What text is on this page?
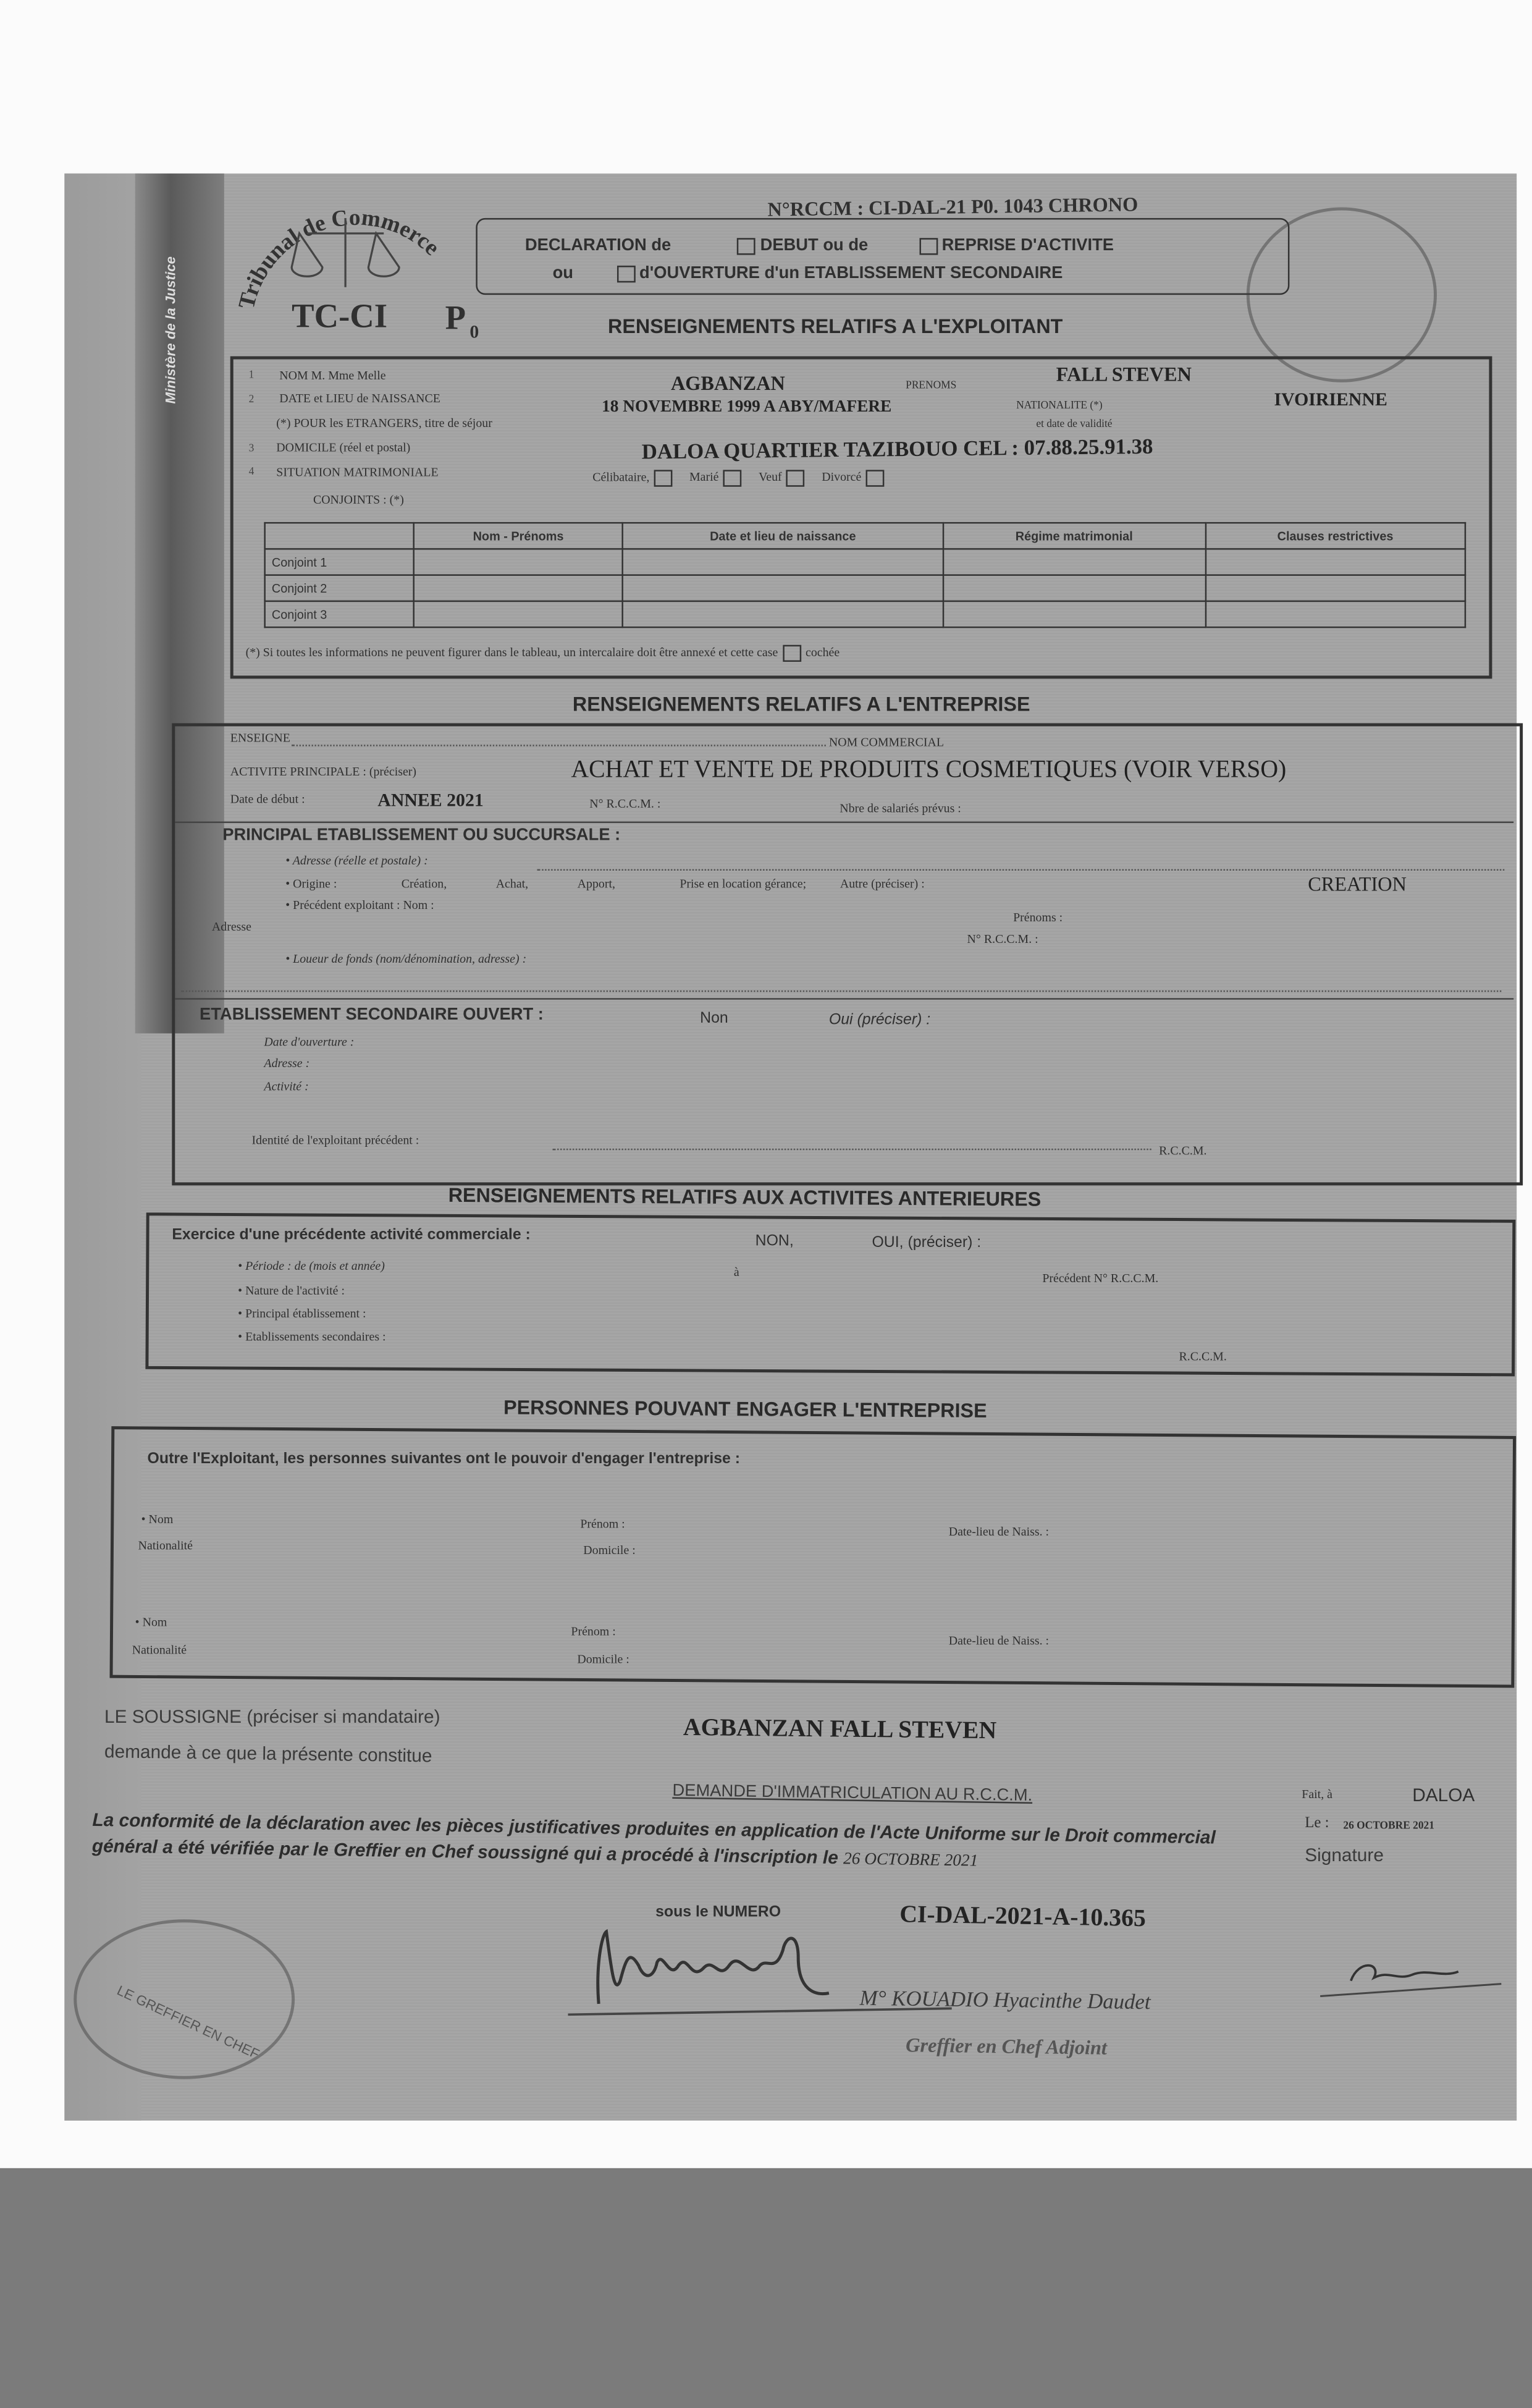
Ministère de la Justice	Tribunal de Commerce
TC-CI	P 0
N°RCCM : CI-DAL-21 P0. 1043 CHRONO
DECLARATION de	DEBUT ou de	REPRISE D'ACTIVITE
ou	d'OUVERTURE d'un ETABLISSEMENT SECONDAIRE
RENSEIGNEMENTS RELATIFS A L'EXPLOITANT
1
2
3
4
NOM M. Mme Melle	AGBANZAN	PRENOMS	FALL STEVEN
DATE et LIEU de NAISSANCE	18 NOVEMBRE 1999 A ABY/MAFERE	NATIONALITE (*)	IVOIRIENNE
(*) POUR les ETRANGERS, titre de séjour	et date de validité
DOMICILE (réel et postal)	DALOA QUARTIER TAZIBOUO CEL : 07.88.25.91.38
SITUATION MATRIMONIALE	Célibataire,	Marié	Veuf	Divorcé
CONJOINTS : (*)
	Nom - Prénoms	Date et lieu de naissance	Régime matrimonial	Clauses restrictives
Conjoint 1				
Conjoint 2				
Conjoint 3				
(*) Si toutes les informations ne peuvent figurer dans le tableau, un intercalaire doit être annexé et cette case	cochée
RENSEIGNEMENTS RELATIFS A L'ENTREPRISE
ENSEIGNE	NOM COMMERCIAL
ACTIVITE PRINCIPALE : (préciser)	ACHAT ET VENTE DE PRODUITS COSMETIQUES (VOIR VERSO)
Date de début :	ANNEE 2021	N° R.C.C.M. :	Nbre de salariés prévus :
PRINCIPAL ETABLISSEMENT OU SUCCURSALE :
• Adresse (réelle et postale) :
• Origine :	Création,	Achat,	Apport,	Prise en location gérance;	Autre (préciser) :	CREATION
• Précédent exploitant : Nom :
Prénoms :
Adresse
N° R.C.C.M. :
• Loueur de fonds (nom/dénomination, adresse) :
ETABLISSEMENT SECONDAIRE OUVERT :	Non	Oui (préciser) :
Date d'ouverture :
Adresse :
Activité :
Identité de l'exploitant précédent :
R.C.C.M.
RENSEIGNEMENTS RELATIFS AUX ACTIVITES ANTERIEURES
Exercice d'une précédente activité commerciale :	NON,	OUI, (préciser) :
• Période : de (mois et année)	à	Précédent N° R.C.C.M.
• Nature de l'activité :
• Principal établissement :
• Etablissements secondaires :
R.C.C.M.
PERSONNES POUVANT ENGAGER L'ENTREPRISE
Outre l'Exploitant, les personnes suivantes ont le pouvoir d'engager l'entreprise :
• Nom	Prénom :
Date-lieu de Naiss. :
Nationalité	Domicile :
• Nom
Prénom :
Date-lieu de Naiss. :
Nationalité
Domicile :
LE SOUSSIGNE (préciser si mandataire)	AGBANZAN FALL STEVEN
demande à ce que la présente constitue
DEMANDE D'IMMATRICULATION AU R.C.C.M.	Fait, à	DALOA
Le :	26 OCTOBRE 2021
Signature
La conformité de la déclaration avec les pièces justificatives produites en application de l'Acte Uniforme sur le Droit commercial général a été vérifiée par le Greffier en Chef soussigné qui a procédé à l'inscription le 26 OCTOBRE 2021
sous le NUMERO	CI-DAL-2021-A-10.365
M° KOUADIO Hyacinthe Daudet
Greffier en Chef Adjoint
LE GREFFIER EN CHEF
